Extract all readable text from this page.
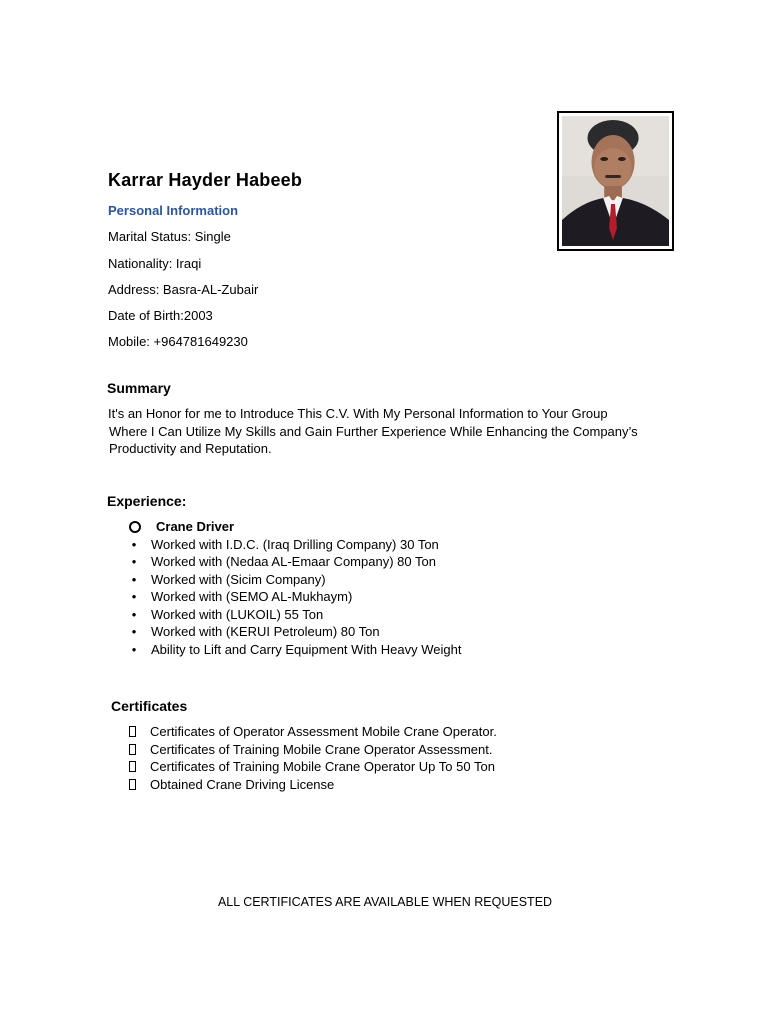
Karrar Hayder Habeeb
Personal Information
Marital Status: Single
Nationality: Iraqi
Address: Basra-AL-Zubair
Date of Birth:2003
Mobile: +964781649230
Summary
It's an Honor for me to Introduce This C.V. With My Personal Information to Your Group
Where I Can Utilize My Skills and Gain Further Experience While Enhancing the Company’s
Productivity and Reputation.
Experience:
Crane Driver
• Worked with I.D.C. (Iraq Drilling Company) 30 Ton
• Worked with (Nedaa AL-Emaar Company) 80 Ton
• Worked with (Sicim Company)
• Worked with (SEMO AL-Mukhaym)
• Worked with (LUKOIL) 55 Ton
• Worked with (KERUI Petroleum) 80 Ton
• Ability to Lift and Carry Equipment With Heavy Weight
Certificates
Certificates of Operator Assessment Mobile Crane Operator.
Certificates of Training Mobile Crane Operator Assessment.
Certificates of Training Mobile Crane Operator Up To 50 Ton
Obtained Crane Driving License
ALL CERTIFICATES ARE AVAILABLE WHEN REQUESTED
